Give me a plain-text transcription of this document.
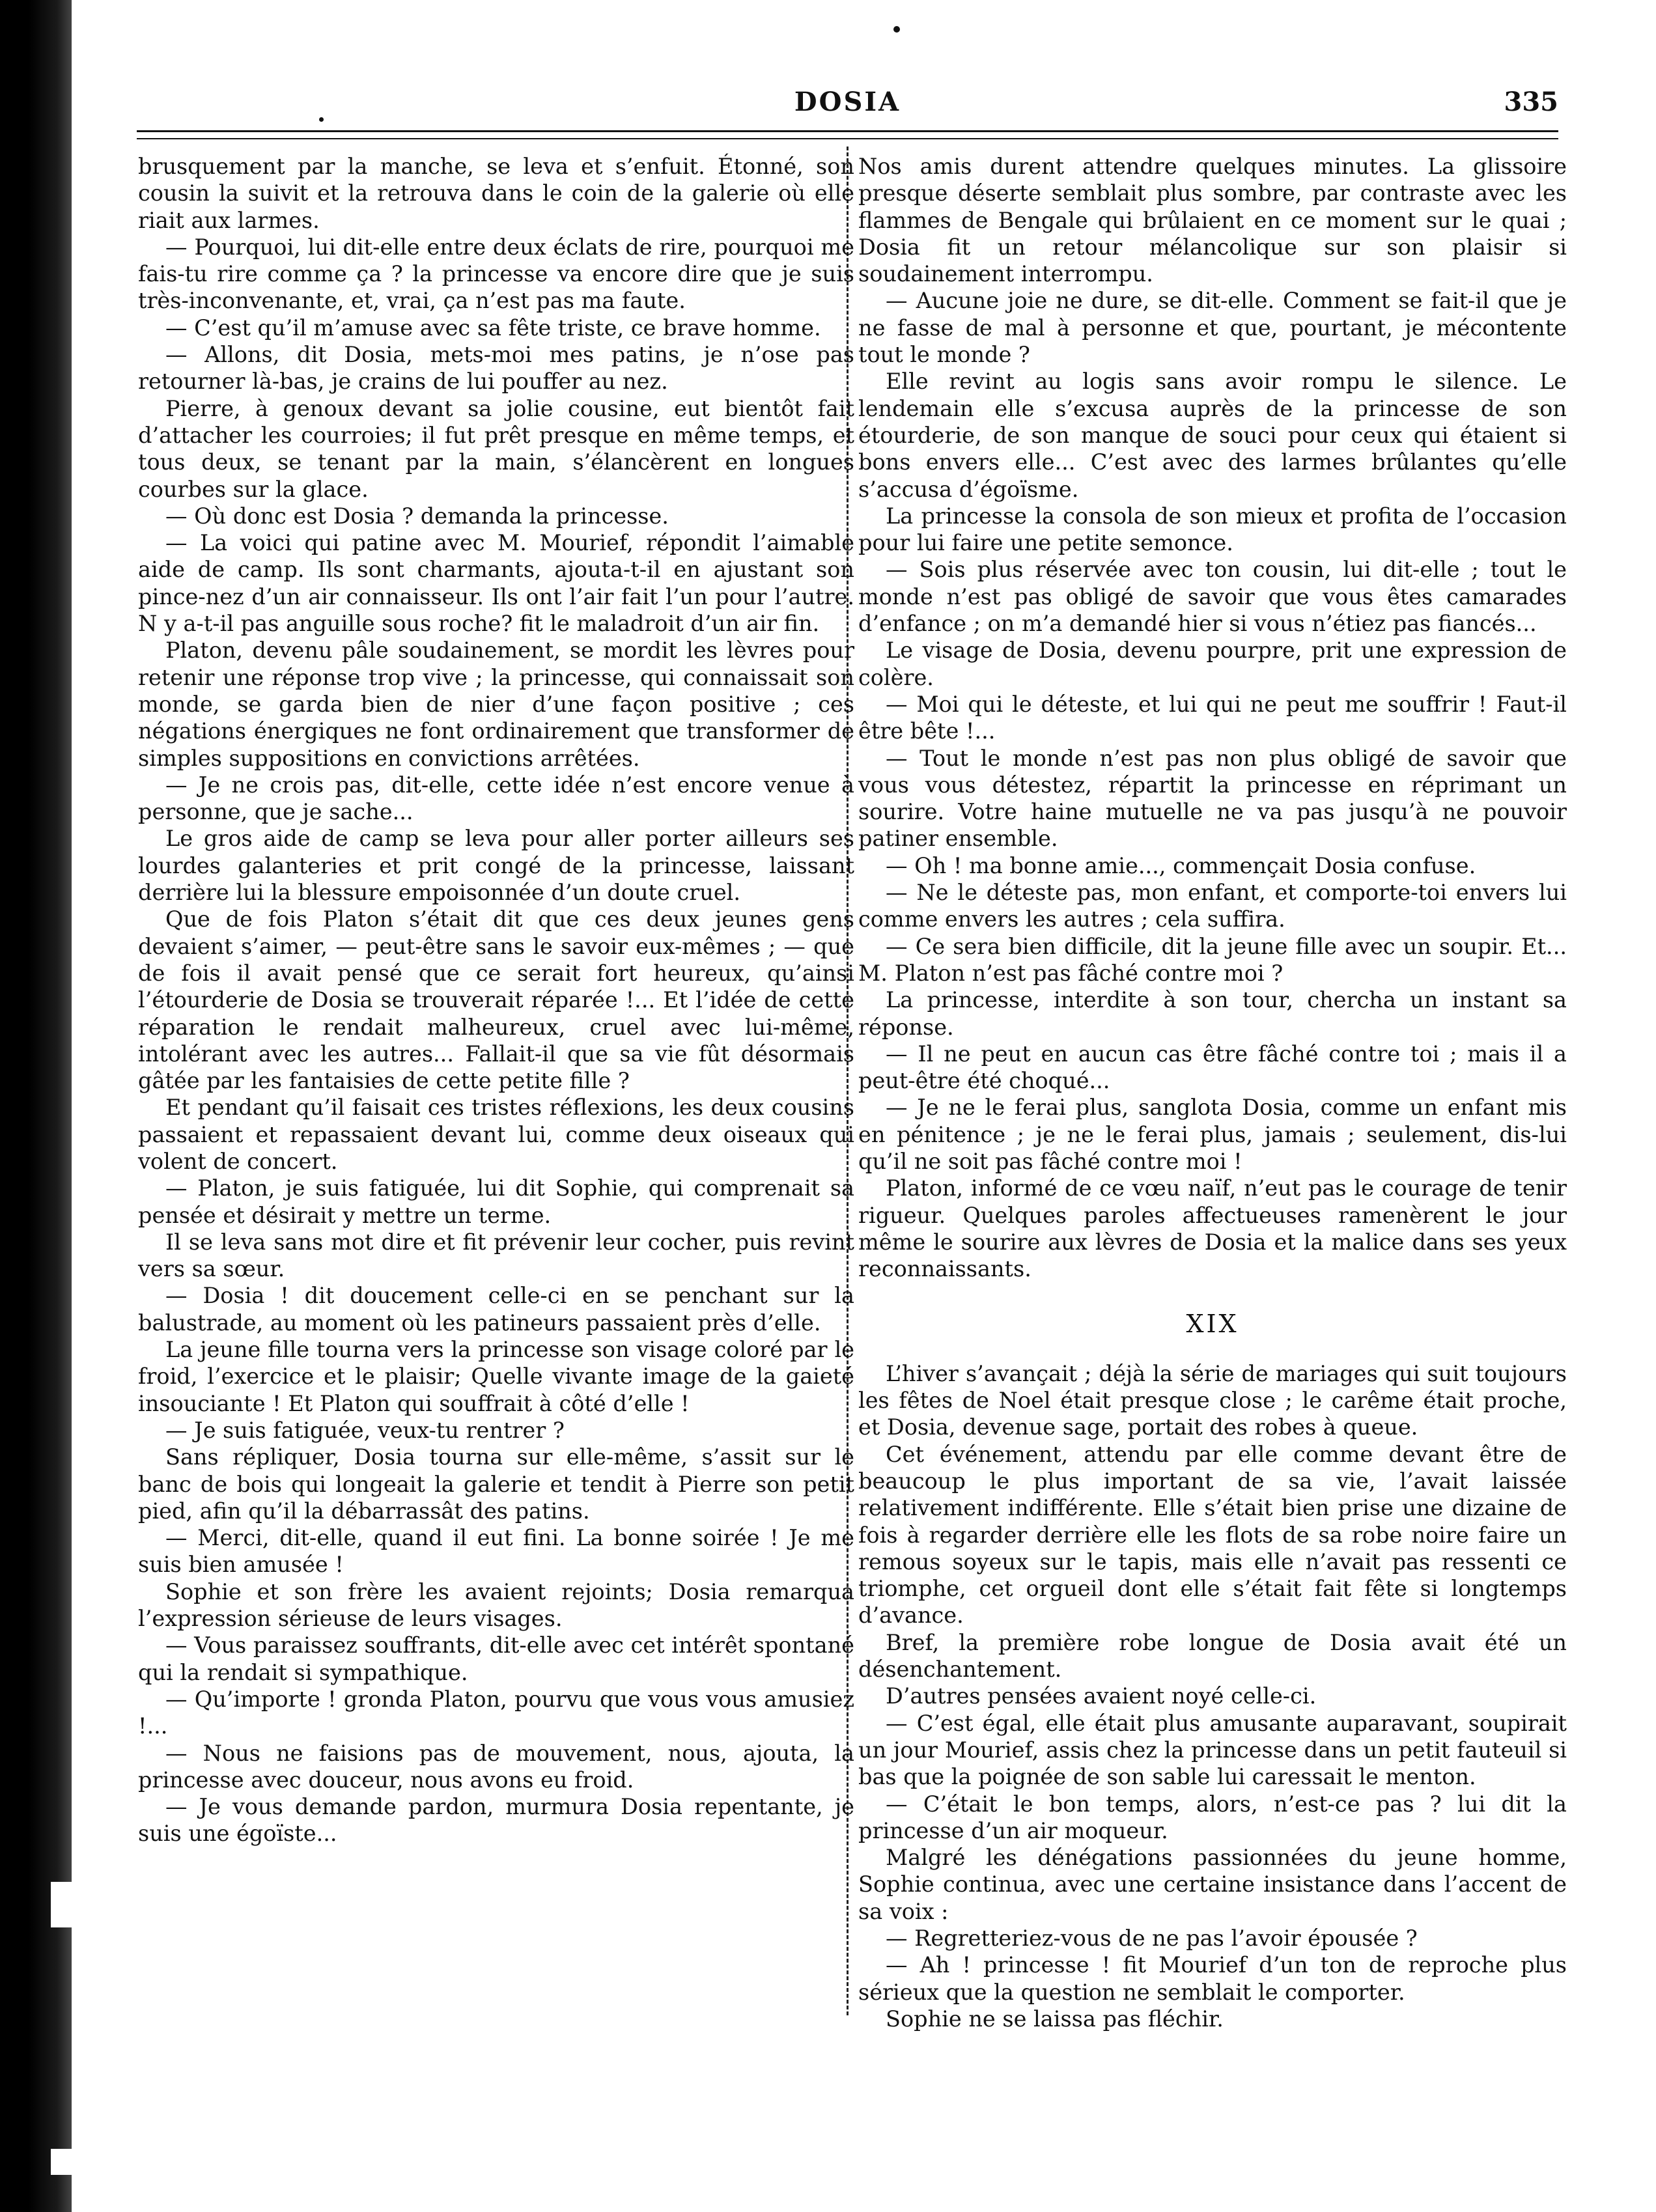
DOSIA	335

brusquement par la manche, se leva et s’enfuit. Étonné, son cousin la suivit et la retrouva dans le coin de la galerie où elle riait aux larmes.

— Pourquoi, lui dit-elle entre deux éclats de rire, pourquoi me fais-tu rire comme ça ? la princesse va encore dire que je suis très-inconvenante, et, vrai, ça n’est pas ma faute.

— C’est qu’il m’amuse avec sa fête triste, ce brave homme.

— Allons, dit Dosia, mets-moi mes patins, je n’ose pas retourner là-bas, je crains de lui pouffer au nez.

Pierre, à genoux devant sa jolie cousine, eut bientôt fait d’attacher les courroies; il fut prêt presque en même temps, et tous deux, se tenant par la main, s’élancèrent en longues courbes sur la glace.

— Où donc est Dosia ? demanda la princesse.

— La voici qui patine avec M. Mourief, répondit l’aimable aide de camp. Ils sont charmants, ajouta-t-il en ajustant son pince-nez d’un air connaisseur. Ils ont l’air fait l’un pour l’autre. N y a-t-il pas anguille sous roche? fit le maladroit d’un air fin.

Platon, devenu pâle soudainement, se mordit les lèvres pour retenir une réponse trop vive ; la princesse, qui connaissait son monde, se garda bien de nier d’une façon positive ; ces négations énergiques ne font ordinairement que transformer de simples suppositions en convictions arrêtées.

— Je ne crois pas, dit-elle, cette idée n’est encore venue à personne, que je sache...

Le gros aide de camp se leva pour aller porter ailleurs ses lourdes galanteries et prit congé de la princesse, laissant derrière lui la blessure empoisonnée d’un doute cruel.

Que de fois Platon s’était dit que ces deux jeunes gens devaient s’aimer, — peut-être sans le savoir eux-mêmes ; — que de fois il avait pensé que ce serait fort heureux, qu’ainsi l’étourderie de Dosia se trouverait réparée !... Et l’idée de cette réparation le rendait malheureux, cruel avec lui-même, intolérant avec les autres... Fallait-il que sa vie fût désormais gâtée par les fantaisies de cette petite fille ?

Et pendant qu’il faisait ces tristes réflexions, les deux cousins passaient et repassaient devant lui, comme deux oiseaux qui volent de concert.

— Platon, je suis fatiguée, lui dit Sophie, qui comprenait sa pensée et désirait y mettre un terme.

Il se leva sans mot dire et fit prévenir leur cocher, puis revint vers sa sœur.

— Dosia ! dit doucement celle-ci en se penchant sur la balustrade, au moment où les patineurs passaient près d’elle.

La jeune fille tourna vers la princesse son visage coloré par le froid, l’exercice et le plaisir; Quelle vivante image de la gaieté insouciante ! Et Platon qui souffrait à côté d’elle !

— Je suis fatiguée, veux-tu rentrer ?

Sans répliquer, Dosia tourna sur elle-même, s’assit sur le banc de bois qui longeait la galerie et tendit à Pierre son petit pied, afin qu’il la débarrassât des patins.

— Merci, dit-elle, quand il eut fini. La bonne soirée ! Je me suis bien amusée !

Sophie et son frère les avaient rejoints; Dosia remarqua l’expression sérieuse de leurs visages.

— Vous paraissez souffrants, dit-elle avec cet intérêt spontané qui la rendait si sympathique.

— Qu’importe ! gronda Platon, pourvu que vous vous amusiez !...

— Nous ne faisions pas de mouvement, nous, ajouta, la princesse avec douceur, nous avons eu froid.

— Je vous demande pardon, murmura Dosia repentante, je suis une égoïste...

Nos amis durent attendre quelques minutes. La glissoire presque déserte semblait plus sombre, par contraste avec les flammes de Bengale qui brûlaient en ce moment sur le quai ; Dosia fit un retour mélancolique sur son plaisir si soudainement interrompu.

— Aucune joie ne dure, se dit-elle. Comment se fait-il que je ne fasse de mal à personne et que, pourtant, je mécontente tout le monde ?

Elle revint au logis sans avoir rompu le silence. Le lendemain elle s’excusa auprès de la princesse de son étourderie, de son manque de souci pour ceux qui étaient si bons envers elle... C’est avec des larmes brûlantes qu’elle s’accusa d’égoïsme.

La princesse la consola de son mieux et profita de l’occasion pour lui faire une petite semonce.

— Sois plus réservée avec ton cousin, lui dit-elle ; tout le monde n’est pas obligé de savoir que vous êtes camarades d’enfance ; on m’a demandé hier si vous n’étiez pas fiancés...

Le visage de Dosia, devenu pourpre, prit une expression de colère.

— Moi qui le déteste, et lui qui ne peut me souffrir ! Faut-il être bête !...

— Tout le monde n’est pas non plus obligé de savoir que vous vous détestez, répartit la princesse en réprimant un sourire. Votre haine mutuelle ne va pas jusqu’à ne pouvoir patiner ensemble.

— Oh ! ma bonne amie..., commençait Dosia confuse.

— Ne le déteste pas, mon enfant, et comporte-toi envers lui comme envers les autres ; cela suffira.

— Ce sera bien difficile, dit la jeune fille avec un soupir. Et... M. Platon n’est pas fâché contre moi ?

La princesse, interdite à son tour, chercha un instant sa réponse.

— Il ne peut en aucun cas être fâché contre toi ; mais il a peut-être été choqué...

— Je ne le ferai plus, sanglota Dosia, comme un enfant mis en pénitence ; je ne le ferai plus, jamais ; seulement, dis-lui qu’il ne soit pas fâché contre moi !

Platon, informé de ce vœu naïf, n’eut pas le courage de tenir rigueur. Quelques paroles affectueuses ramenèrent le jour même le sourire aux lèvres de Dosia et la malice dans ses yeux reconnaissants.

XIX

L’hiver s’avançait ; déjà la série de mariages qui suit toujours les fêtes de Noel était presque close ; le carême était proche, et Dosia, devenue sage, portait des robes à queue.

Cet événement, attendu par elle comme devant être de beaucoup le plus important de sa vie, l’avait laissée relativement indifférente. Elle s’était bien prise une dizaine de fois à regarder derrière elle les flots de sa robe noire faire un remous soyeux sur le tapis, mais elle n’avait pas ressenti ce triomphe, cet orgueil dont elle s’était fait fête si longtemps d’avance.

Bref, la première robe longue de Dosia avait été un désenchantement.

D’autres pensées avaient noyé celle-ci.

— C’est égal, elle était plus amusante auparavant, soupirait un jour Mourief, assis chez la princesse dans un petit fauteuil si bas que la poignée de son sable lui caressait le menton.

— C’était le bon temps, alors, n’est-ce pas ? lui dit la princesse d’un air moqueur.

Malgré les dénégations passionnées du jeune homme, Sophie continua, avec une certaine insistance dans l’accent de sa voix :

— Regretteriez-vous de ne pas l’avoir épousée ?

— Ah ! princesse ! fit Mourief d’un ton de reproche plus sérieux que la question ne semblait le comporter.

Sophie ne se laissa pas fléchir.
